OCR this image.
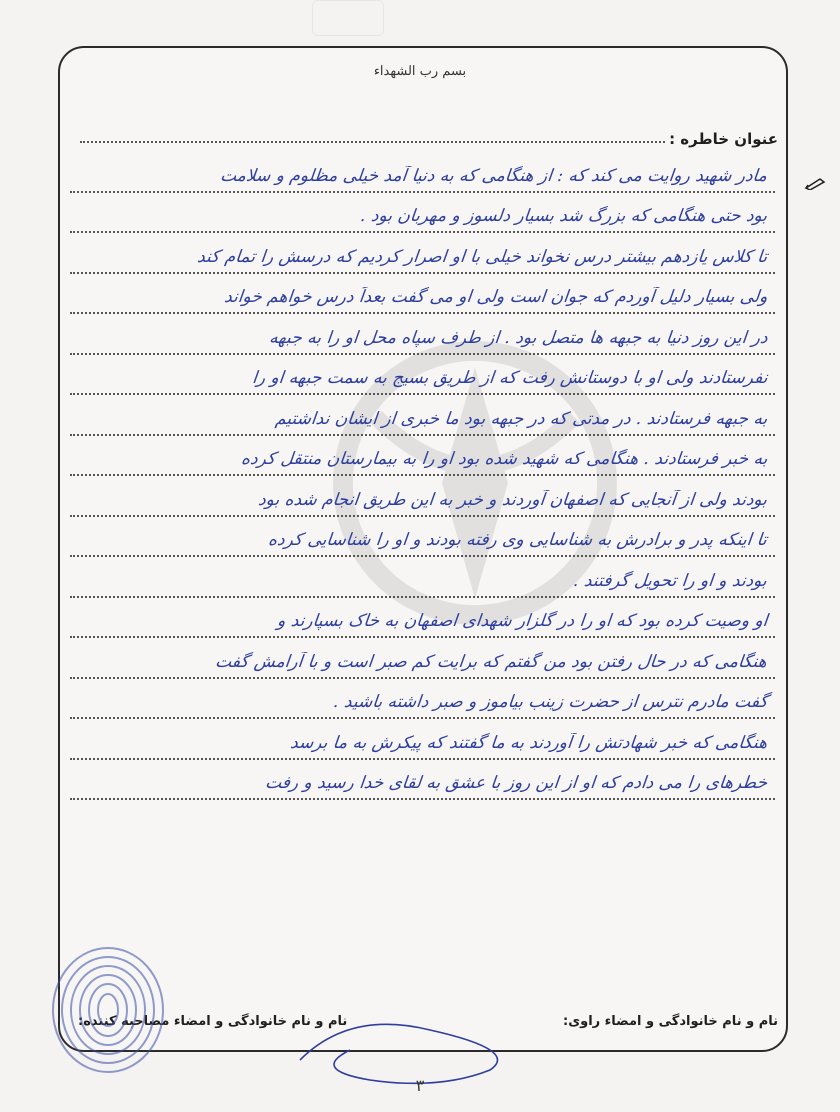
بسم رب الشهداء
عنوان خاطره :
مادر شهید روایت می کند که : از هنگامی که به دنیا آمد خیلی مظلوم و سلامت
بود حتی هنگامی که بزرگ شد بسیار دلسوز و مهربان بود .
تا کلاس یازدهم بیشتر درس نخواند خیلی با او اصرار کردیم که درسش را تمام کند
ولی بسیار دلیل آوردم که جوان است ولی او می گفت بعداً درس خواهم خواند
در این روز دنیا به جبهه ها متصل بود . از طرف سپاه محل او را به جبهه
نفرستادند ولی او با دوستانش رفت که از طریق بسیج به سمت جبهه او را
به جبهه فرستادند . در مدتی که در جبهه بود ما خبری از ایشان نداشتیم
به خبر فرستادند . هنگامی که شهید شده بود او را به بیمارستان منتقل کرده
بودند ولی از آنجایی که اصفهان آوردند و خبر به این طریق انجام شده بود
تا اینکه پدر و برادرش به شناسایی وی رفته بودند و او را شناسایی کرده
بودند و او را تحویل گرفتند .
او وصیت کرده بود که او را در گلزار شهدای اصفهان به خاک بسپارند و
هنگامی که در حال رفتن بود من گفتم که برایت کم صبر است و با آرامش گفت
گفت مادرم نترس از حضرت زینب بیاموز و صبر داشته باشید .
هنگامی که خبر شهادتش را آوردند به ما گفتند که پیکرش به ما برسد
خطرهای را می دادم که او از این روز با عشق به لقای خدا رسید و رفت
نام و نام خانوادگی و امضاء مصاحبه کننده:	نام و نام خانوادگی و امضاء راوی:
٣
